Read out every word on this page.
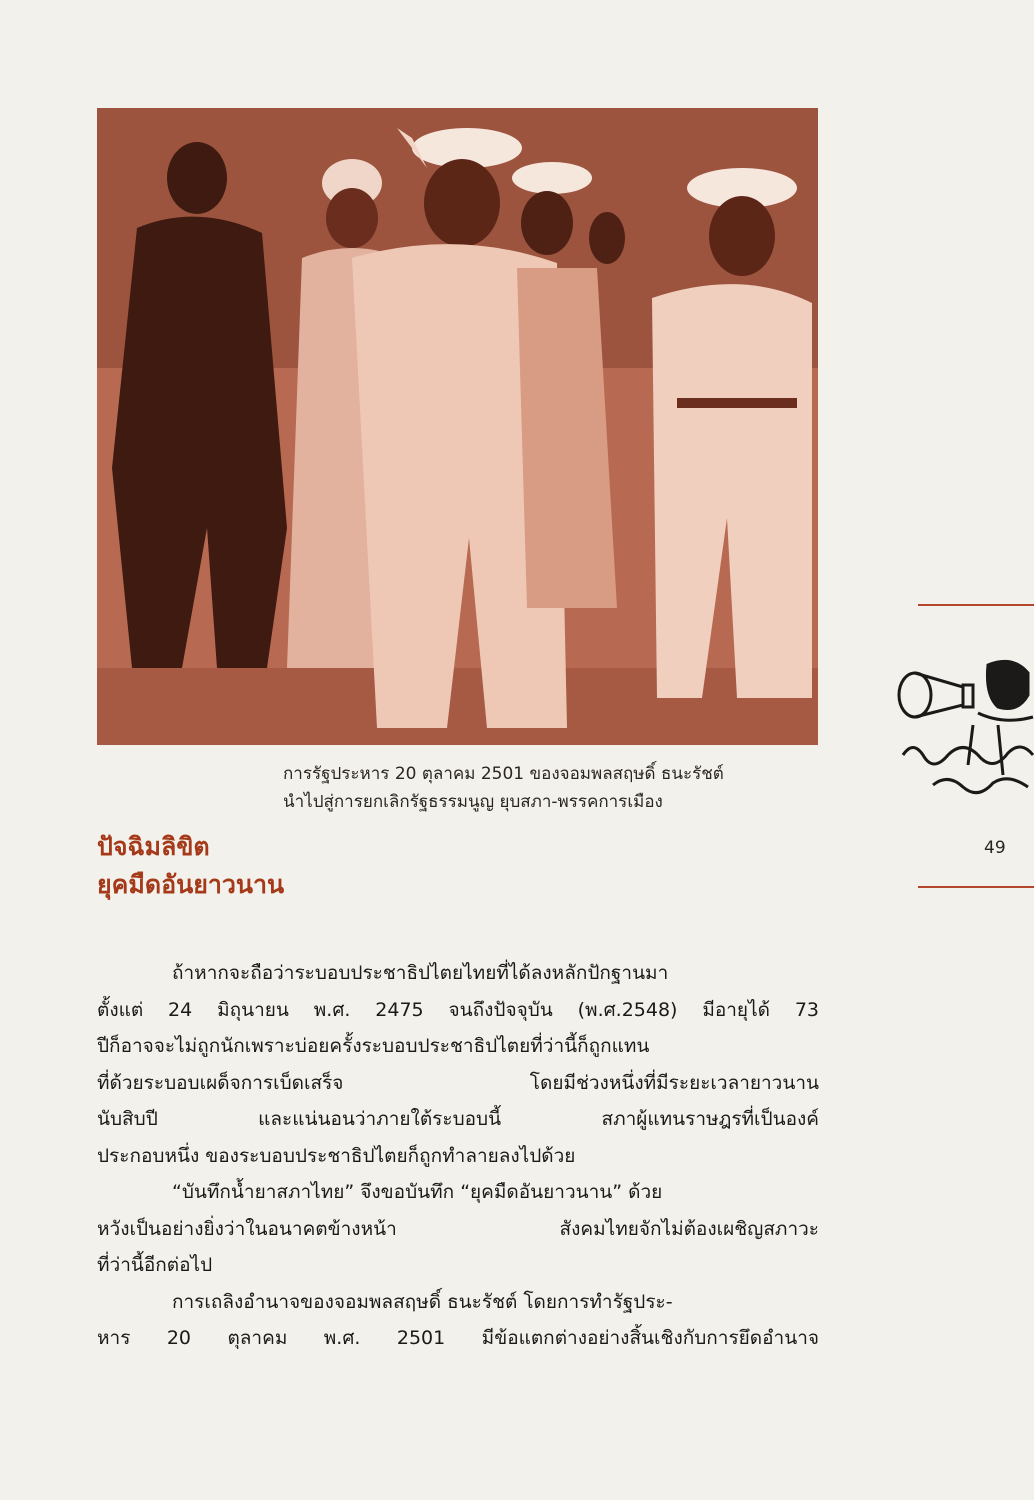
การรัฐประหาร 20 ตุลาคม 2501 ของจอมพลสฤษดิ์ ธนะรัชต์
นำไปสู่การยกเลิกรัฐธรรมนูญ ยุบสภา-พรรคการเมือง
ปัจฉิมลิขิต
ยุคมืดอันยาวนาน
ถ้าหากจะถือว่าระบอบประชาธิปไตยไทยที่ได้ลงหลักปักฐานมา
ตั้งแต่ 24 มิถุนายน พ.ศ. 2475 จนถึงปัจจุบัน (พ.ศ.2548) มีอายุได้ 73
ปีก็อาจจะไม่ถูกนักเพราะบ่อยครั้งระบอบประชาธิปไตยที่ว่านี้ก็ถูกแทน
ที่ด้วยระบอบเผด็จการเบ็ดเสร็จ โดยมีช่วงหนึ่งที่มีระยะเวลายาวนาน
นับสิบปี และแน่นอนว่าภายใต้ระบอบนี้ สภาผู้แทนราษฎรที่เป็นองค์
ประกอบหนึ่ง ของระบอบประชาธิปไตยก็ถูกทำลายลงไปด้วย
“บันทึกน้ำยาสภาไทย” จึงขอบันทึก “ยุคมืดอันยาวนาน” ด้วย
หวังเป็นอย่างยิ่งว่าในอนาคตข้างหน้า สังคมไทยจักไม่ต้องเผชิญสภาวะ
ที่ว่านี้อีกต่อไป
การเถลิงอำนาจของจอมพลสฤษดิ์ ธนะรัชต์ โดยการทำรัฐประ-
หาร 20 ตุลาคม พ.ศ. 2501 มีข้อแตกต่างอย่างสิ้นเชิงกับการยึดอำนาจ
49
